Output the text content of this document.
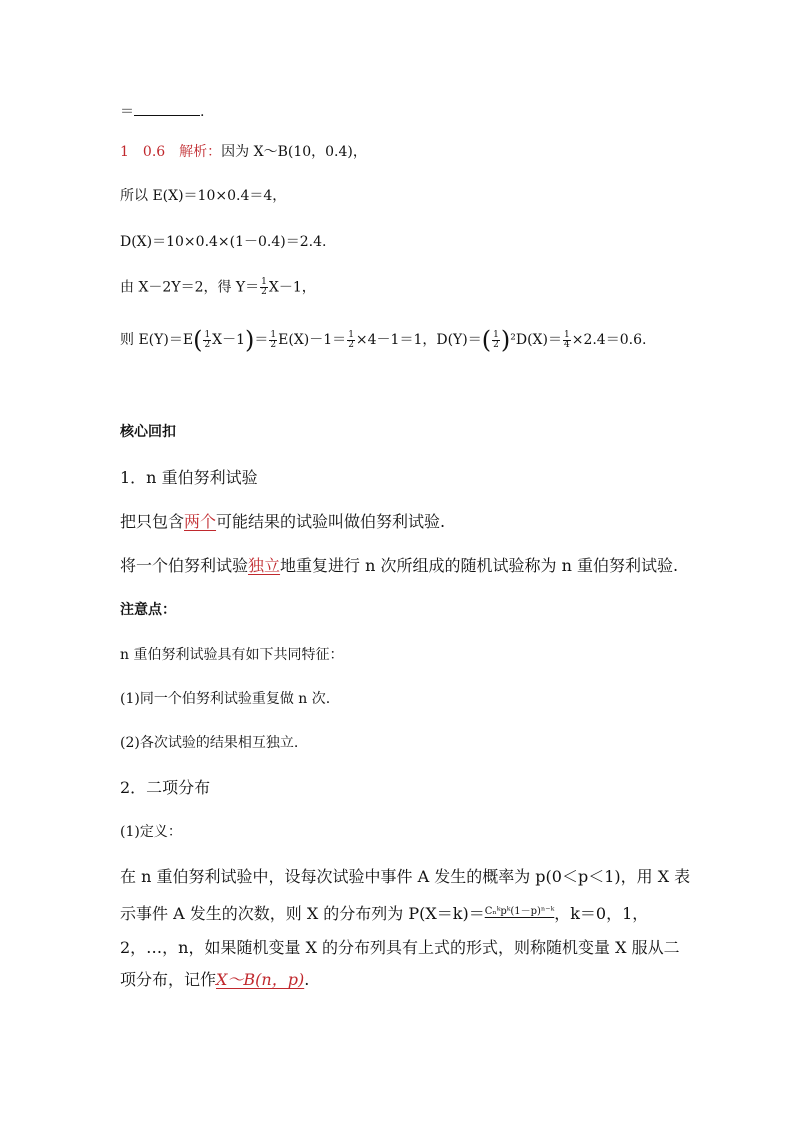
＝	.
1　0.6　解析：因为 X～B(10，0.4)，
所以 E(X)＝10×0.4＝4，
D(X)＝10×0.4×(1－0.4)＝2.4.
由 X－2Y＝2，得 $Y= \frac{1}{2} X-1$，
则 $E(Y)=E( \frac{1}{2} X-1)= \frac{1}{2} E(X)-1= \frac{1}{2} \times 4-1=1$，$D(Y)=( \frac{1}{2} )^2D(X)= \frac{1}{4} \times 2.4=0.6$.
核心回扣
1．n 重伯努利试验
把只包含两个可能结果的试验叫做伯努利试验.
将一个伯努利试验独立地重复进行 n 次所组成的随机试验称为 n 重伯努利试验.
注意点：
n 重伯努利试验具有如下共同特征：
(1)同一个伯努利试验重复做 n 次.
(2)各次试验的结果相互独立.
2．二项分布
(1)定义：
在 n 重伯努利试验中，设每次试验中事件 A 发生的概率为 p(0＜p＜1)，用 X 表
示事件 A 发生的次数，则 X 的分布列为 P(X＝k)＝Cₙᵏpᵏ(1－p)ⁿ⁻ᵏ，k＝0，1，
2，…，n，如果随机变量 X 的分布列具有上式的形式，则称随机变量 X 服从二
项分布，记作X～B(n，p).
